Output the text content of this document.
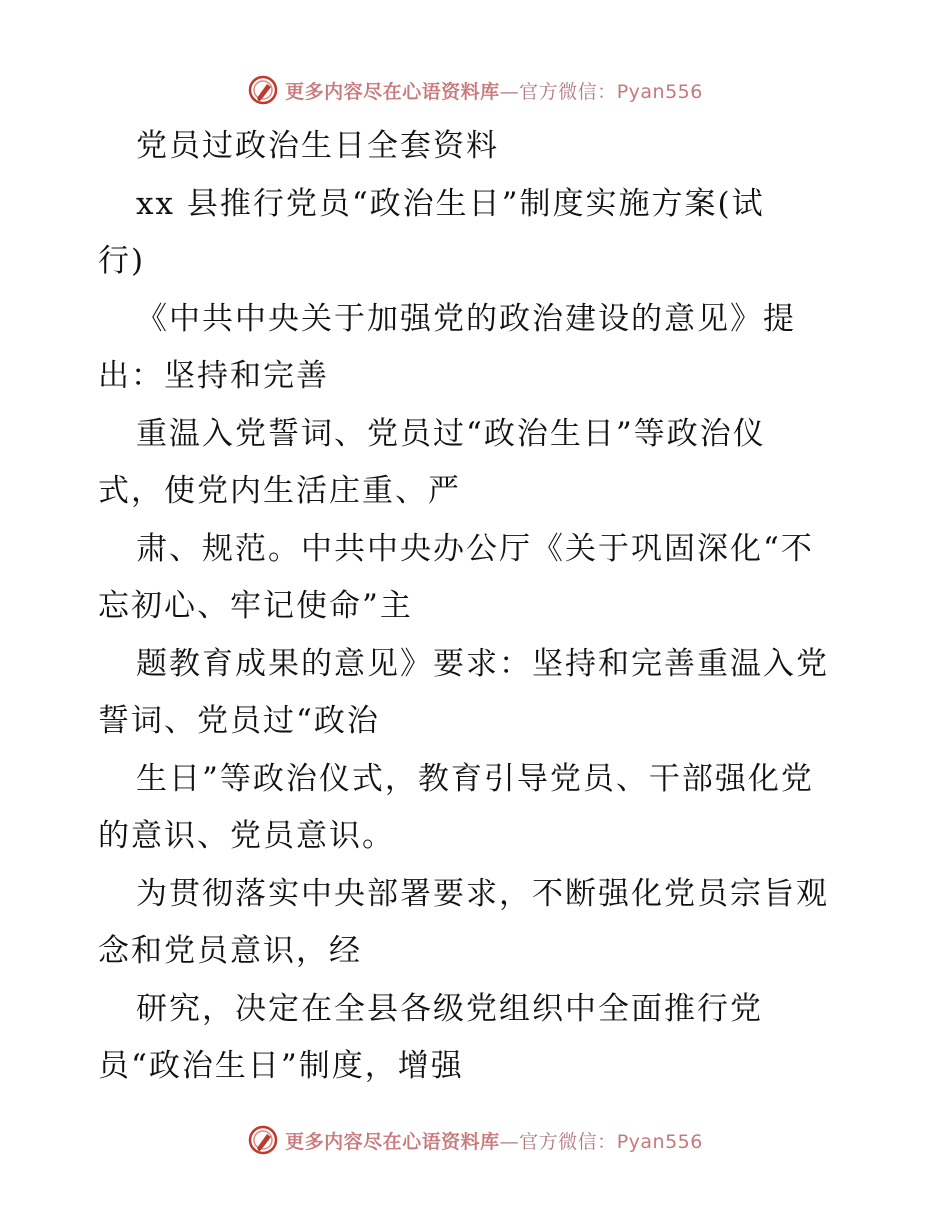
更多内容尽在心语资料库—官方微信：Pyan556
党员过政治生日全套资料
xx 县推行党员“政治生日”制度实施方案(试
行)
《中共中央关于加强党的政治建设的意见》提
出：坚持和完善
重温入党誓词、党员过“政治生日”等政治仪
式，使党内生活庄重、严
肃、规范。中共中央办公厅《关于巩固深化“不
忘初心、牢记使命”主
题教育成果的意见》要求：坚持和完善重温入党
誓词、党员过“政治
生日”等政治仪式，教育引导党员、干部强化党
的意识、党员意识。
为贯彻落实中央部署要求，不断强化党员宗旨观
念和党员意识，经
研究，决定在全县各级党组织中全面推行党
员“政治生日”制度，增强
更多内容尽在心语资料库—官方微信：Pyan556
